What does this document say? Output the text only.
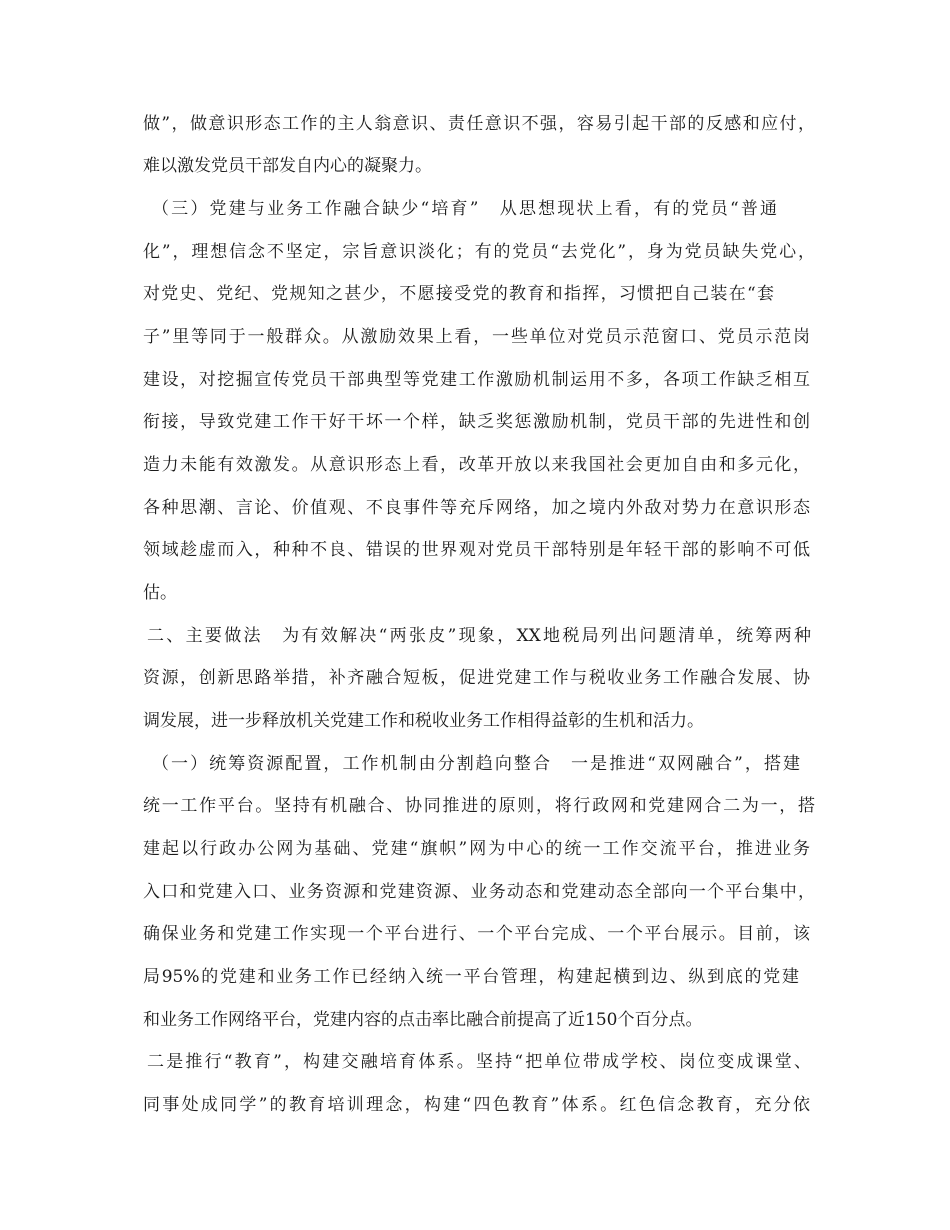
做”，做意识形态工作的主人翁意识、责任意识不强，容易引起干部的反感和应付，
难以激发党员干部发自内心的凝聚力。
（三）党建与业务工作融合缺少“培育”　从思想现状上看，有的党员“普通
化”，理想信念不坚定，宗旨意识淡化；有的党员“去党化”，身为党员缺失党心，
对党史、党纪、党规知之甚少，不愿接受党的教育和指挥，习惯把自己装在“套
子”里等同于一般群众。从激励效果上看，一些单位对党员示范窗口、党员示范岗
建设，对挖掘宣传党员干部典型等党建工作激励机制运用不多，各项工作缺乏相互
衔接，导致党建工作干好干坏一个样，缺乏奖惩激励机制，党员干部的先进性和创
造力未能有效激发。从意识形态上看，改革开放以来我国社会更加自由和多元化，
各种思潮、言论、价值观、不良事件等充斥网络，加之境内外敌对势力在意识形态
领域趁虚而入，种种不良、错误的世界观对党员干部特别是年轻干部的影响不可低
估。
二、主要做法　为有效解决“两张皮”现象，XX地税局列出问题清单，统筹两种
资源，创新思路举措，补齐融合短板，促进党建工作与税收业务工作融合发展、协
调发展，进一步释放机关党建工作和税收业务工作相得益彰的生机和活力。
（一）统筹资源配置，工作机制由分割趋向整合　一是推进“双网融合”，搭建
统一工作平台。坚持有机融合、协同推进的原则，将行政网和党建网合二为一，搭
建起以行政办公网为基础、党建“旗帜”网为中心的统一工作交流平台，推进业务
入口和党建入口、业务资源和党建资源、业务动态和党建动态全部向一个平台集中，
确保业务和党建工作实现一个平台进行、一个平台完成、一个平台展示。目前，该
局95%的党建和业务工作已经纳入统一平台管理，构建起横到边、纵到底的党建
和业务工作网络平台，党建内容的点击率比融合前提高了近150个百分点。
二是推行“教育”，构建交融培育体系。坚持“把单位带成学校、岗位变成课堂、
同事处成同学”的教育培训理念，构建“四色教育”体系。红色信念教育，充分依
